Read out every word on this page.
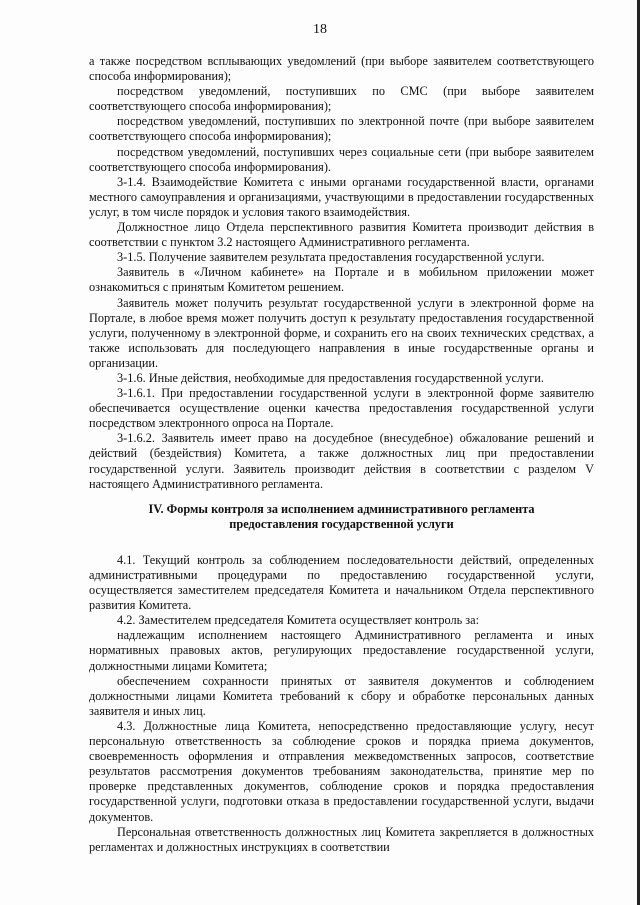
18

а также посредством всплывающих уведомлений (при выборе заявителем соответствующего способа информирования);

посредством уведомлений, поступивших по СМС (при выборе заявителем соответствующего способа информирования);

посредством уведомлений, поступивших по электронной почте (при выборе заявителем соответствующего способа информирования);

посредством уведомлений, поступивших через социальные сети (при выборе заявителем соответствующего способа информирования).

3-1.4. Взаимодействие Комитета с иными органами государственной власти, органами местного самоуправления и организациями, участвующими в предоставлении государственных услуг, в том числе порядок и условия такого взаимодействия.

Должностное лицо Отдела перспективного развития Комитета производит действия в соответствии с пунктом 3.2 настоящего Административного регламента.

3-1.5. Получение заявителем результата предоставления государственной услуги.

Заявитель в «Личном кабинете» на Портале и в мобильном приложении может ознакомиться с принятым Комитетом решением.

Заявитель может получить результат государственной услуги в электронной форме на Портале, в любое время может получить доступ к результату предоставления государственной услуги, полученному в электронной форме, и сохранить его на своих технических средствах, а также использовать для последующего направления в иные государственные органы и организации.

3-1.6. Иные действия, необходимые для предоставления государственной услуги.

3-1.6.1. При предоставлении государственной услуги в электронной форме заявителю обеспечивается осуществление оценки качества предоставления государственной услуги посредством электронного опроса на Портале.

3-1.6.2. Заявитель имеет право на досудебное (внесудебное) обжалование решений и действий (бездействия) Комитета, а также должностных лиц при предоставлении государственной услуги. Заявитель производит действия в соответствии с разделом V настоящего Административного регламента.

IV. Формы контроля за исполнением административного регламента
предоставления государственной услуги

4.1. Текущий контроль за соблюдением последовательности действий, определенных административными процедурами по предоставлению государственной услуги, осуществляется заместителем председателя Комитета и начальником Отдела перспективного развития Комитета.

4.2. Заместителем председателя Комитета осуществляет контроль за:

надлежащим исполнением настоящего Административного регламента и иных нормативных правовых актов, регулирующих предоставление государственной услуги, должностными лицами Комитета;

обеспечением сохранности принятых от заявителя документов и соблюдением должностными лицами Комитета требований к сбору и обработке персональных данных заявителя и иных лиц.

4.3. Должностные лица Комитета, непосредственно предоставляющие услугу, несут персональную ответственность за соблюдение сроков и порядка приема документов, своевременность оформления и отправления межведомственных запросов, соответствие результатов рассмотрения документов требованиям законодательства, принятие мер по проверке представленных документов, соблюдение сроков и порядка предоставления государственной услуги, подготовки отказа в предоставлении государственной услуги, выдачи документов.

Персональная ответственность должностных лиц Комитета закрепляется в должностных регламентах и должностных инструкциях в соответствии
